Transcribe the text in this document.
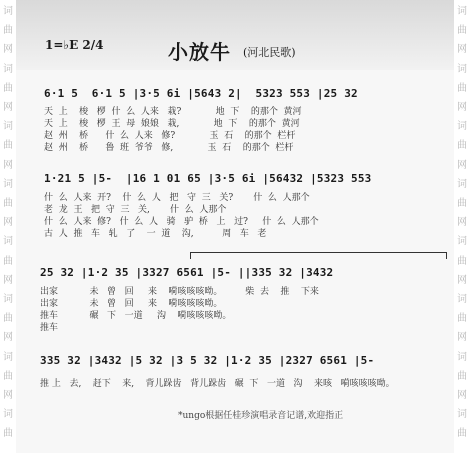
词
曲
网
词
曲
网
词
曲
网
词
曲
网
词
曲
网
词
曲
网
词
曲
网
词
曲
词
曲
网
词
曲
网
词
曲
网
词
曲
网
词
曲
网
词
曲
网
词
曲
网
词
曲
1=♭E 2/4	小放牛 (河北民歌)
6·1 5  6·1 5 |3·5 6i |5643 2|  5323 553 |25 32
天  上    梭   椤  什  么  人来   栽?            地  下    的那个  黄河
天  上    梭   椤  王  母  娘娘   栽,            地  下    的那个  黄河
赵  州    桥      什  么  人来   修?            玉  石    的那个  栏杆
赵  州    桥      鲁  班  爷爷   修,            玉  石    的那个  栏杆
1·21 5 |5-  |16 1 01 65 |3·5 6i |56432 |5323 553
什  么  人来  开?    什  么  人   把   守  三   关?       什  么  人那个
老  龙  王   把  守  三   关,       什  么  人那个
什  么  人来  修?   什  么  人   骑   驴  桥   上   过?     什  么  人那个
古  人  推   车   轧   了    一  道    沟,          周   车   老
25 32 |1·2 35 |3327 6561 |5- ||335 32 |3432
出家           未   曾   回     来    嗬咳咳咳呦。        柴  去    推    下来
出家           未   曾   回     来    嗬咳咳咳呦。
推车           碾   下   一道     沟    嗬咳咳咳呦。
推车
335 32 |3432 |5 32 |3 5 32 |1·2 35 |2327 6561 |5-
推 上   去,    赶下    来,    背儿跺齿   背儿跺齿   碾  下   一道   沟    来咳   嗬咳咳咳呦。
*ungo根据任桂珍演唱录音记谱,欢迎指正
